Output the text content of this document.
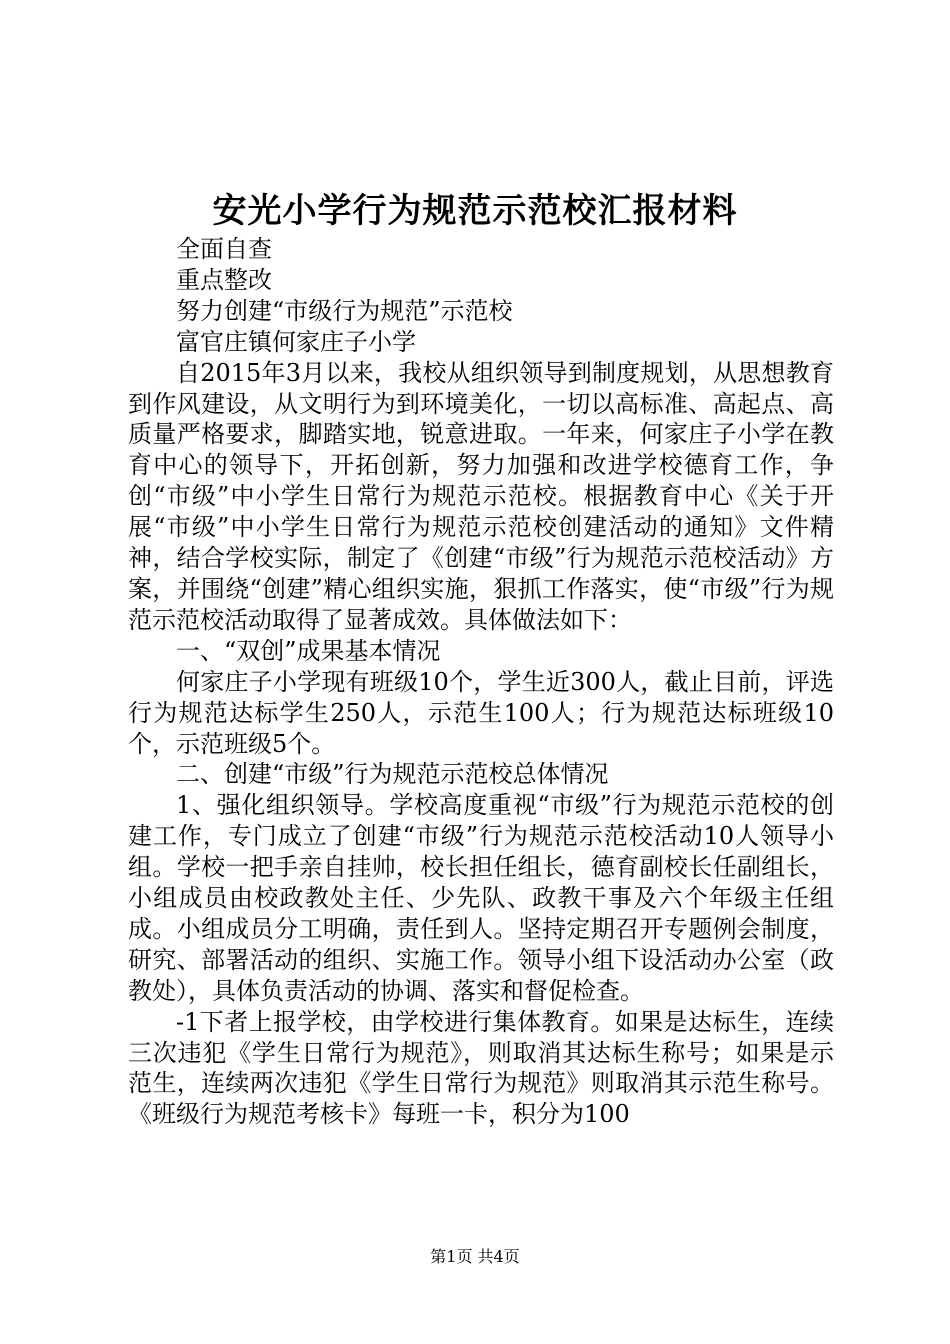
安光小学行为规范示范校汇报材料

全面自查

重点整改

努力创建“市级行为规范”示范校

富官庄镇何家庄子小学

自2015年3月以来，我校从组织领导到制度规划，从思想教育到作风建设，从文明行为到环境美化，一切以高标准、高起点、高质量严格要求，脚踏实地，锐意进取。一年来，何家庄子小学在教育中心的领导下，开拓创新，努力加强和改进学校德育工作，争创“市级”中小学生日常行为规范示范校。根据教育中心《关于开展“市级”中小学生日常行为规范示范校创建活动的通知》文件精神，结合学校实际，制定了《创建“市级”行为规范示范校活动》方案，并围绕“创建”精心组织实施，狠抓工作落实，使“市级”行为规范示范校活动取得了显著成效。具体做法如下：

一、“双创”成果基本情况

何家庄子小学现有班级10个，学生近300人，截止目前，评选行为规范达标学生250人，示范生100人；行为规范达标班级10个，示范班级5个。

二、创建“市级”行为规范示范校总体情况

1、强化组织领导。学校高度重视“市级”行为规范示范校的创建工作，专门成立了创建“市级”行为规范示范校活动10人领导小组。学校一把手亲自挂帅，校长担任组长，德育副校长任副组长，小组成员由校政教处主任、少先队、政教干事及六个年级主任组成。小组成员分工明确，责任到人。坚持定期召开专题例会制度，研究、部署活动的组织、实施工作。领导小组下设活动办公室（政教处），具体负责活动的协调、落实和督促检查。

-1下者上报学校，由学校进行集体教育。如果是达标生，连续三次违犯《学生日常行为规范》，则取消其达标生称号；如果是示范生，连续两次违犯《学生日常行为规范》则取消其示范生称号。《班级行为规范考核卡》每班一卡，积分为100

第1页 共4页
